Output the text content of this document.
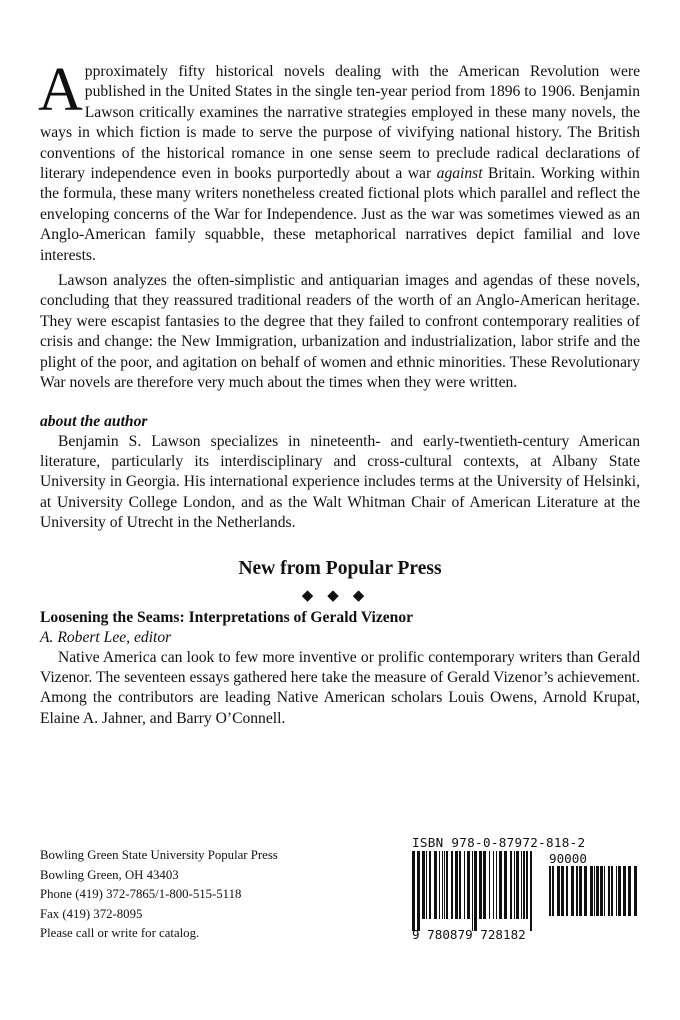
Approximately fifty historical novels dealing with the American Revolution were published in the United States in the single ten-year period from 1896 to 1906. Benjamin Lawson critically examines the narrative strategies employed in these many novels, the ways in which fiction is made to serve the purpose of vivifying national history. The British conventions of the historical romance in one sense seem to preclude radical declarations of literary independence even in books purportedly about a war against Britain. Working within the formula, these many writers nonetheless created fictional plots which parallel and reflect the enveloping concerns of the War for Independence. Just as the war was sometimes viewed as an Anglo-American family squabble, these metaphorical narratives depict familial and love interests.

Lawson analyzes the often-simplistic and antiquarian images and agendas of these novels, concluding that they reassured traditional readers of the worth of an Anglo-American heritage. They were escapist fantasies to the degree that they failed to confront contemporary realities of crisis and change: the New Immigration, urbanization and industrialization, labor strife and the plight of the poor, and agitation on behalf of women and ethnic minorities. These Revolutionary War novels are therefore very much about the times when they were written.

about the author

Benjamin S. Lawson specializes in nineteenth- and early-twentieth-century American literature, particularly its interdisciplinary and cross-cultural contexts, at Albany State University in Georgia. His international experience includes terms at the University of Helsinki, at University College London, and as the Walt Whitman Chair of American Literature at the University of Utrecht in the Netherlands.

New from Popular Press
◆◆◆
Loosening the Seams: Interpretations of Gerald Vizenor
A. Robert Lee, editor

Native America can look to few more inventive or prolific contemporary writers than Gerald Vizenor. The seventeen essays gathered here take the measure of Gerald Vizenor’s achievement. Among the contributors are leading Native American scholars Louis Owens, Arnold Krupat, Elaine A. Jahner, and Barry O’Connell.

Bowling Green State University Popular Press
Bowling Green, OH 43403
Phone (419) 372-7865/1-800-515-5118
Fax (419) 372-8095
Please call or write for catalog.
ISBN 978-0-87972-818-2
90000
9 780879 728182
